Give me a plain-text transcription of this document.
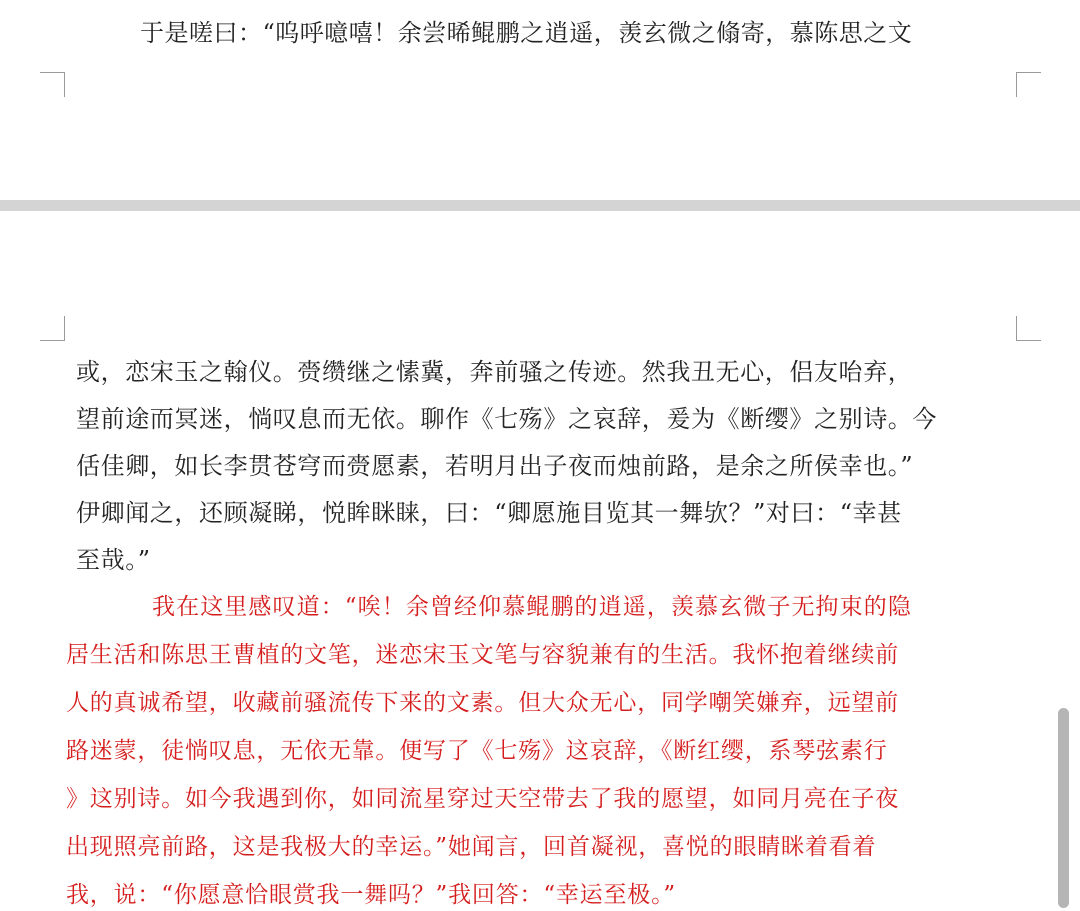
于是嗟曰：“呜呼噫嘻！余尝晞鲲鹏之逍遥，羡玄微之翛寄，慕陈思之文
或，恋宋玉之翰仪。赍缵继之愫冀，奔前骚之传迹。然我丑无心，侣友咍弃，
望前途而冥迷，惝叹息而无依。聊作《七殇》之哀辞，爰为《断缨》之别诗。今
佸佳卿，如长李贯苍穹而赍愿素，若明月出子夜而烛前路，是余之所侯幸也。”
伊卿闻之，还顾凝睇，悦眸眯睐，曰：“卿愿施目览其一舞欤？”对曰：“幸甚
至哉。”
我在这里感叹道：“唉！余曾经仰慕鲲鹏的逍遥，羡慕玄微子无拘束的隐
居生活和陈思王曹植的文笔，迷恋宋玉文笔与容貌兼有的生活。我怀抱着继续前
人的真诚希望，收藏前骚流传下来的文素。但大众无心，同学嘲笑嫌弃，远望前
路迷蒙，徒惝叹息，无依无靠。便写了《七殇》这哀辞，《断红缨，系琴弦素行
》这别诗。如今我遇到你，如同流星穿过天空带去了我的愿望，如同月亮在子夜
出现照亮前路，这是我极大的幸运。”她闻言，回首凝视，喜悦的眼睛眯着看着
我，说：“你愿意恰眼赏我一舞吗？”我回答：“幸运至极。”
